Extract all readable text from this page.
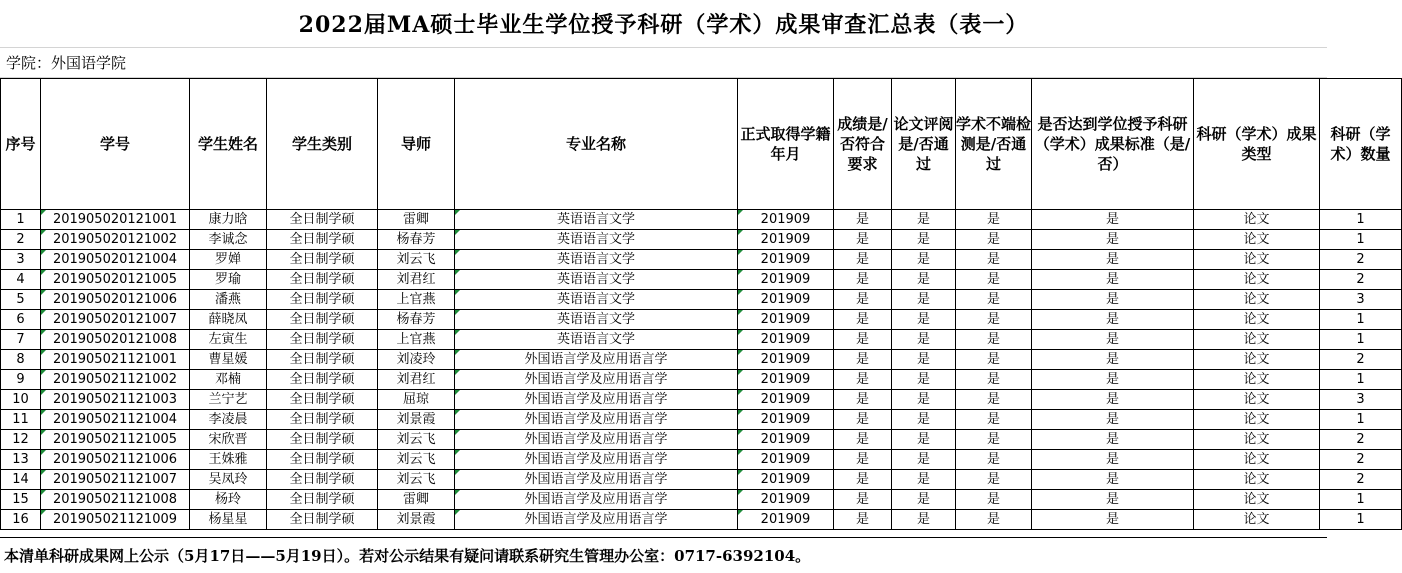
2022届MA硕士毕业生学位授予科研（学术）成果审查汇总表（表一）
学院：外国语学院
序号	学号	学生姓名	学生类别	导师	专业名称	正式取得学籍年月	成绩是/否符合要求	论文评阅是/否通过	学术不端检测是/否通过	是否达到学位授予科研（学术）成果标准（是/否）	科研（学术）成果类型	科研（学术）数量
1	201905020121001	康力晗	全日制学硕	雷卿	英语语言文学	201909	是	是	是	是	论文	1
2	201905020121002	李诚念	全日制学硕	杨春芳	英语语言文学	201909	是	是	是	是	论文	1
3	201905020121004	罗婵	全日制学硕	刘云飞	英语语言文学	201909	是	是	是	是	论文	2
4	201905020121005	罗瑜	全日制学硕	刘君红	英语语言文学	201909	是	是	是	是	论文	2
5	201905020121006	潘燕	全日制学硕	上官燕	英语语言文学	201909	是	是	是	是	论文	3
6	201905020121007	薛晓凤	全日制学硕	杨春芳	英语语言文学	201909	是	是	是	是	论文	1
7	201905020121008	左寅生	全日制学硕	上官燕	英语语言文学	201909	是	是	是	是	论文	1
8	201905021121001	曹星媛	全日制学硕	刘凌玲	外国语言学及应用语言学	201909	是	是	是	是	论文	2
9	201905021121002	邓楠	全日制学硕	刘君红	外国语言学及应用语言学	201909	是	是	是	是	论文	1
10	201905021121003	兰宁艺	全日制学硕	屈琼	外国语言学及应用语言学	201909	是	是	是	是	论文	3
11	201905021121004	李凌晨	全日制学硕	刘景霞	外国语言学及应用语言学	201909	是	是	是	是	论文	1
12	201905021121005	宋欣晋	全日制学硕	刘云飞	外国语言学及应用语言学	201909	是	是	是	是	论文	2
13	201905021121006	王姝雅	全日制学硕	刘云飞	外国语言学及应用语言学	201909	是	是	是	是	论文	2
14	201905021121007	吴凤玲	全日制学硕	刘云飞	外国语言学及应用语言学	201909	是	是	是	是	论文	2
15	201905021121008	杨玲	全日制学硕	雷卿	外国语言学及应用语言学	201909	是	是	是	是	论文	1
16	201905021121009	杨星星	全日制学硕	刘景霞	外国语言学及应用语言学	201909	是	是	是	是	论文	1
本清单科研成果网上公示（5月17日——5月19日）。若对公示结果有疑问请联系研究生管理办公室：0717-6392104。
